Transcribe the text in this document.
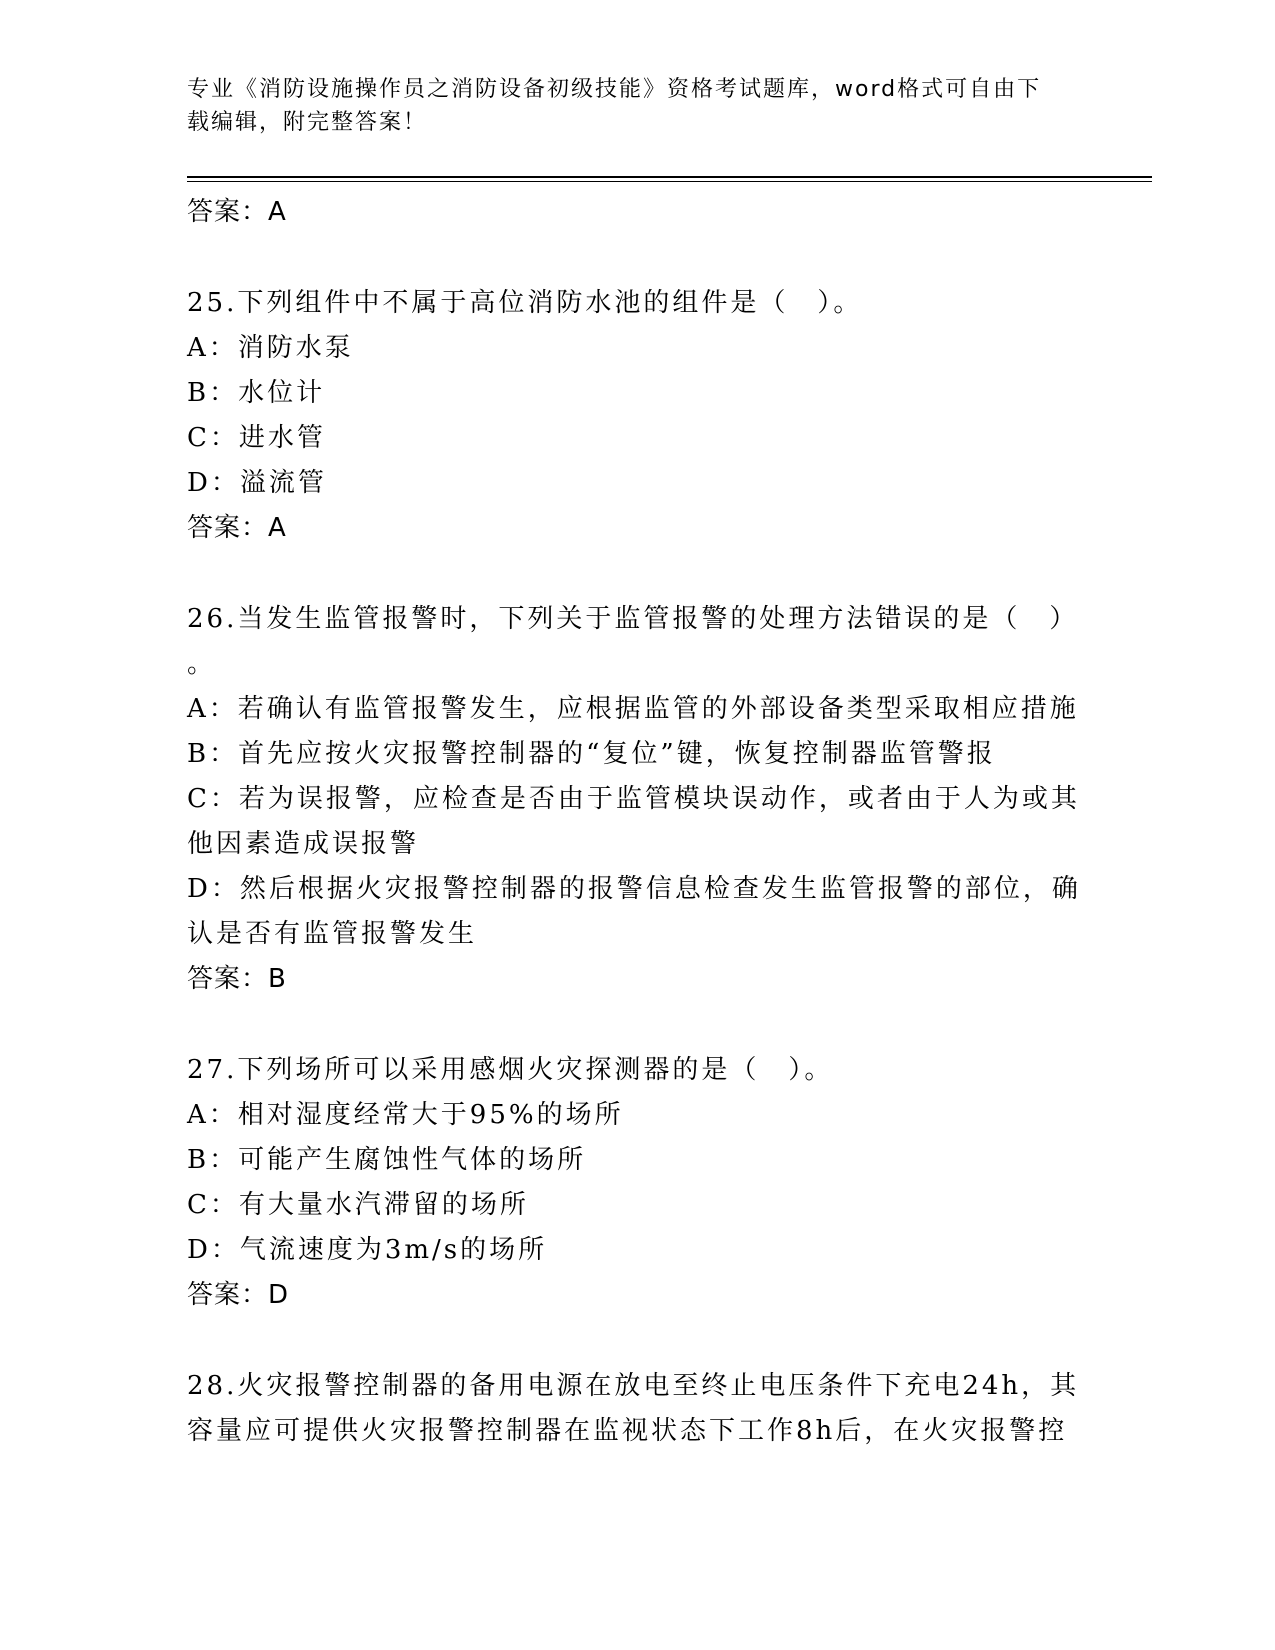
专业《消防设施操作员之消防设备初级技能》资格考试题库，word格式可自由下
载编辑，附完整答案！
答案：A
25.下列组件中不属于高位消防水池的组件是（　）。
A：消防水泵
B：水位计
C：进水管
D：溢流管
答案：A
26.当发生监管报警时，下列关于监管报警的处理方法错误的是（　）
。
A：若确认有监管报警发生，应根据监管的外部设备类型采取相应措施
B：首先应按火灾报警控制器的“复位”键，恢复控制器监管警报
C：若为误报警，应检查是否由于监管模块误动作，或者由于人为或其
他因素造成误报警
D：然后根据火灾报警控制器的报警信息检查发生监管报警的部位，确
认是否有监管报警发生
答案：B
27.下列场所可以采用感烟火灾探测器的是（　）。
A：相对湿度经常大于95%的场所
B：可能产生腐蚀性气体的场所
C：有大量水汽滞留的场所
D：气流速度为3m/s的场所
答案：D
28.火灾报警控制器的备用电源在放电至终止电压条件下充电24h，其
容量应可提供火灾报警控制器在监视状态下工作8h后，在火灾报警控
